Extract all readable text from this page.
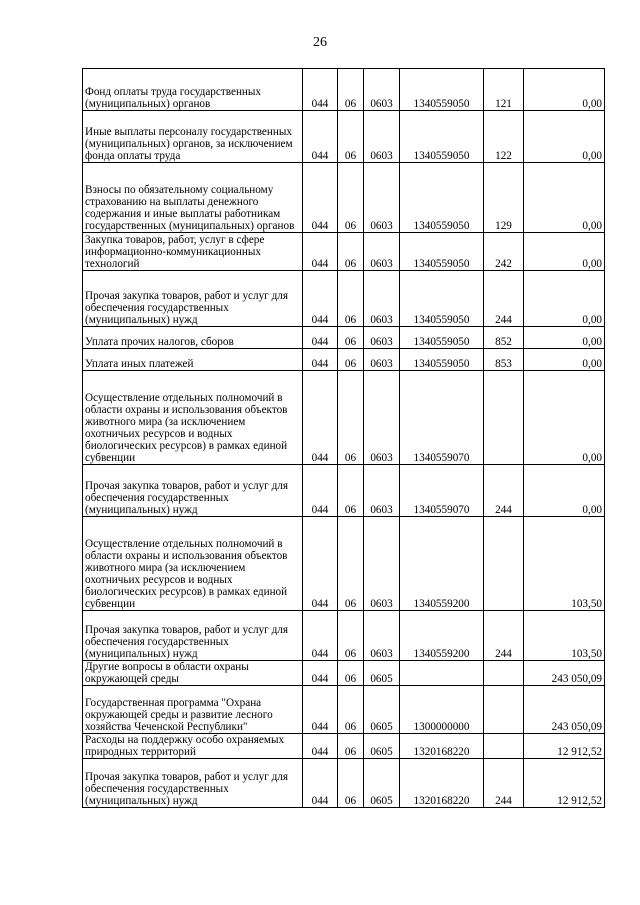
26
Фонд оплаты труда государственных (муниципальных) органов	044	06	0603	1340559050	121	0,00
Иные выплаты персоналу государственных (муниципальных) органов, за исключением фонда оплаты труда	044	06	0603	1340559050	122	0,00
Взносы по обязательному социальному страхованию на выплаты денежного содержания и иные выплаты работникам государственных (муниципальных) органов	044	06	0603	1340559050	129	0,00
Закупка товаров, работ, услуг в сфере информационно-коммуникационных технологий	044	06	0603	1340559050	242	0,00
Прочая закупка товаров, работ и услуг для обеспечения государственных (муниципальных) нужд	044	06	0603	1340559050	244	0,00
Уплата прочих налогов, сборов	044	06	0603	1340559050	852	0,00
Уплата иных платежей	044	06	0603	1340559050	853	0,00
Осуществление отдельных полномочий в области охраны и использования объектов животного мира (за исключением охотничьих ресурсов и водных биологических ресурсов) в рамках единой субвенции	044	06	0603	1340559070		0,00
Прочая закупка товаров, работ и услуг для обеспечения государственных (муниципальных) нужд	044	06	0603	1340559070	244	0,00
Осуществление отдельных полномочий в области охраны и использования объектов животного мира (за исключением охотничьих ресурсов и водных биологических ресурсов) в рамках единой субвенции	044	06	0603	1340559200		103,50
Прочая закупка товаров, работ и услуг для обеспечения государственных (муниципальных) нужд	044	06	0603	1340559200	244	103,50
Другие вопросы в области охраны окружающей среды	044	06	0605			243 050,09
Государственная программа "Охрана окружающей среды и развитие лесного хозяйства Чеченской Республики"	044	06	0605	1300000000		243 050,09
Расходы на поддержку особо охраняемых природных территорий	044	06	0605	1320168220		12 912,52
Прочая закупка товаров, работ и услуг для обеспечения государственных (муниципальных) нужд	044	06	0605	1320168220	244	12 912,52
